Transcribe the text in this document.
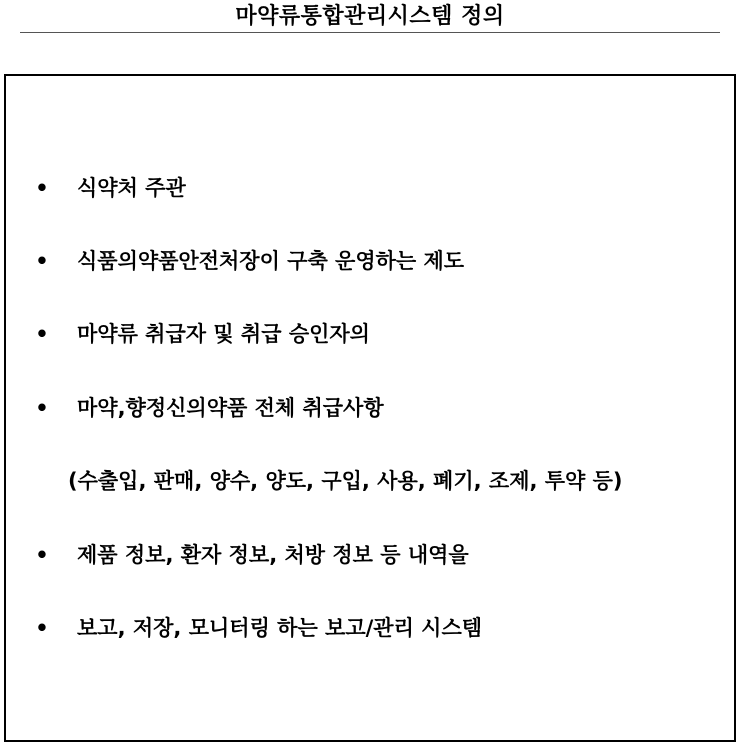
마약류통합관리시스템 정의
• 식약처 주관
• 식품의약품안전처장이 구축 운영하는 제도
• 마약류 취급자 및 취급 승인자의
• 마약,향정신의약품 전체 취급사항
(수출입, 판매, 양수, 양도, 구입, 사용, 폐기, 조제, 투약 등)
• 제품 정보, 환자 정보, 처방 정보 등 내역을
• 보고, 저장, 모니터링 하는 보고/관리 시스템
